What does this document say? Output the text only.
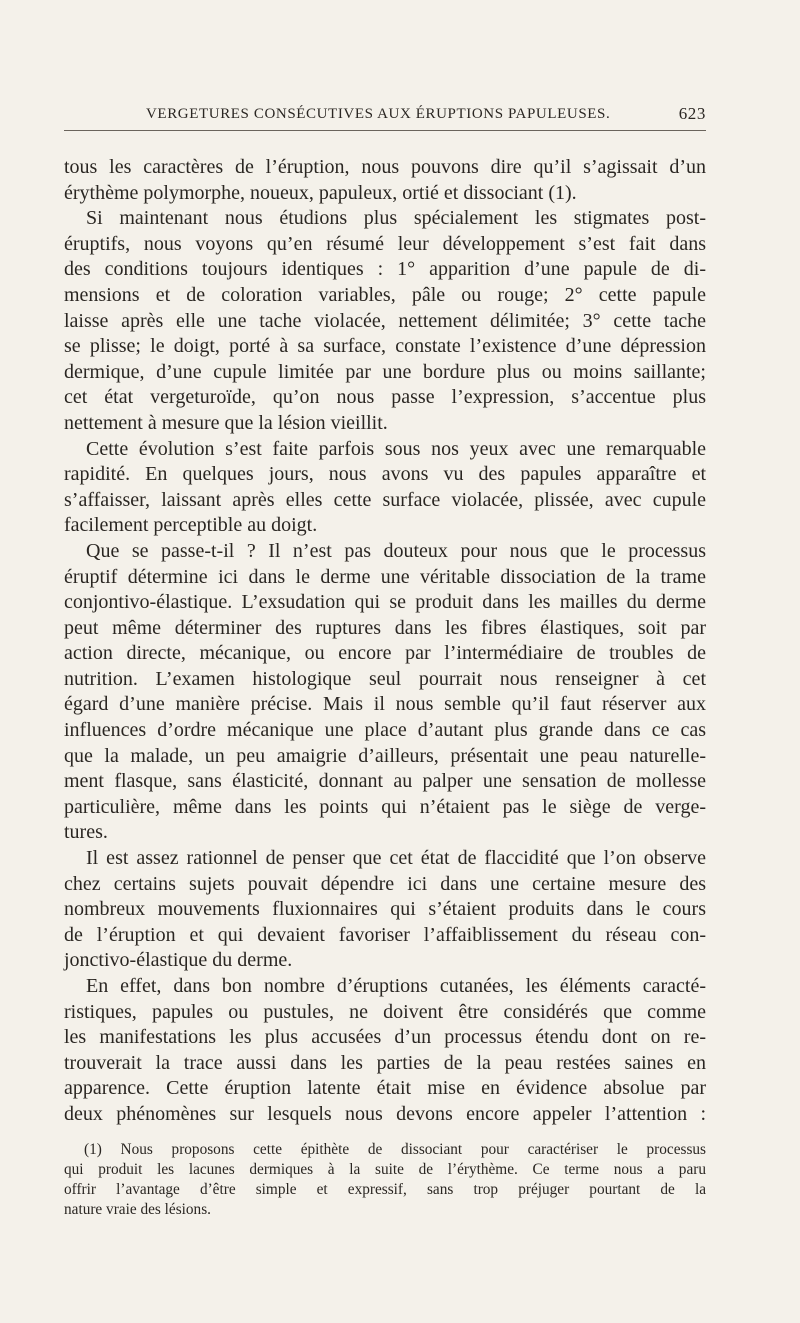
VERGETURES CONSÉCUTIVES AUX ÉRUPTIONS PAPULEUSES.	623

tous les caractères de l’éruption, nous pouvons dire qu’il s’agissait d’un
érythème polymorphe, noueux, papuleux, ortié et dissociant (1).

Si maintenant nous étudions plus spécialement les stigmates post-
éruptifs, nous voyons qu’en résumé leur développement s’est fait dans
des conditions toujours identiques : 1° apparition d’une papule de di-
mensions et de coloration variables, pâle ou rouge; 2° cette papule
laisse après elle une tache violacée, nettement délimitée; 3° cette tache
se plisse; le doigt, porté à sa surface, constate l’existence d’une dépression
dermique, d’une cupule limitée par une bordure plus ou moins saillante;
cet état vergeturoïde, qu’on nous passe l’expression, s’accentue plus
nettement à mesure que la lésion vieillit.

Cette évolution s’est faite parfois sous nos yeux avec une remarquable
rapidité. En quelques jours, nous avons vu des papules apparaître et
s’affaisser, laissant après elles cette surface violacée, plissée, avec cupule
facilement perceptible au doigt.

Que se passe-t-il ? Il n’est pas douteux pour nous que le processus
éruptif détermine ici dans le derme une véritable dissociation de la trame
conjontivo-élastique. L’exsudation qui se produit dans les mailles du derme
peut même déterminer des ruptures dans les fibres élastiques, soit par
action directe, mécanique, ou encore par l’intermédiaire de troubles de
nutrition. L’examen histologique seul pourrait nous renseigner à cet
égard d’une manière précise. Mais il nous semble qu’il faut réserver aux
influences d’ordre mécanique une place d’autant plus grande dans ce cas
que la malade, un peu amaigrie d’ailleurs, présentait une peau naturelle-
ment flasque, sans élasticité, donnant au palper une sensation de mollesse
particulière, même dans les points qui n’étaient pas le siège de verge-
tures.

Il est assez rationnel de penser que cet état de flaccidité que l’on observe
chez certains sujets pouvait dépendre ici dans une certaine mesure des
nombreux mouvements fluxionnaires qui s’étaient produits dans le cours
de l’éruption et qui devaient favoriser l’affaiblissement du réseau con-
jonctivo-élastique du derme.

En effet, dans bon nombre d’éruptions cutanées, les éléments caracté-
ristiques, papules ou pustules, ne doivent être considérés que comme
les manifestations les plus accusées d’un processus étendu dont on re-
trouverait la trace aussi dans les parties de la peau restées saines en
apparence. Cette éruption latente était mise en évidence absolue par
deux phénomènes sur lesquels nous devons encore appeler l’attention :

(1) Nous proposons cette épithète de dissociant pour caractériser le processus
qui produit les lacunes dermiques à la suite de l’érythème. Ce terme nous a paru
offrir l’avantage d’être simple et expressif, sans trop préjuger pourtant de la
nature vraie des lésions.
